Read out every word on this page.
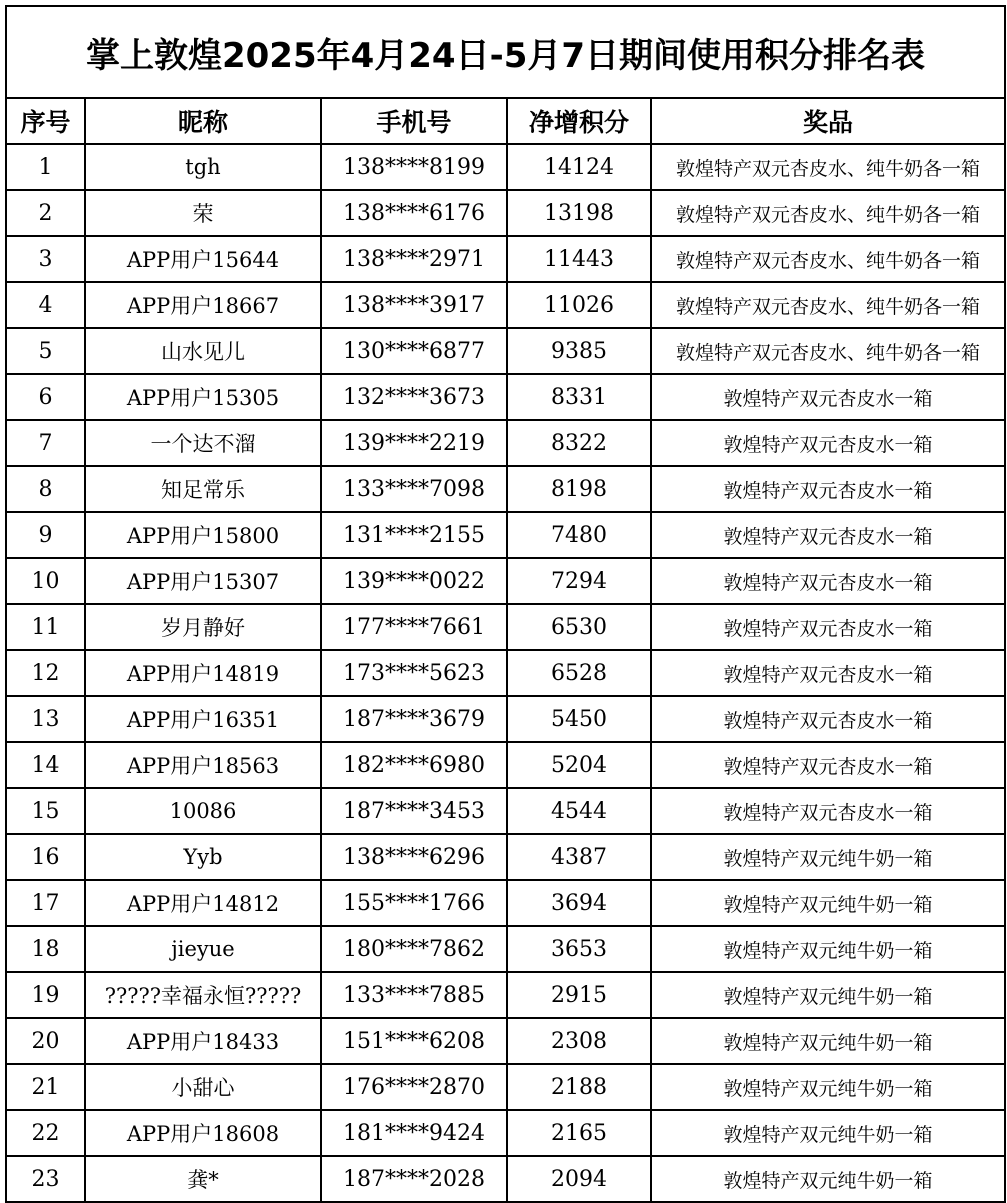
掌上敦煌2025年4月24日-5月7日期间使用积分排名表				
序号	昵称	手机号	净增积分	奖品
1	tgh	138****8199	14124	敦煌特产双元杏皮水、纯牛奶各一箱
2	荣	138****6176	13198	敦煌特产双元杏皮水、纯牛奶各一箱
3	APP用户15644	138****2971	11443	敦煌特产双元杏皮水、纯牛奶各一箱
4	APP用户18667	138****3917	11026	敦煌特产双元杏皮水、纯牛奶各一箱
5	山水见儿	130****6877	9385	敦煌特产双元杏皮水、纯牛奶各一箱
6	APP用户15305	132****3673	8331	敦煌特产双元杏皮水一箱
7	一个达不溜	139****2219	8322	敦煌特产双元杏皮水一箱
8	知足常乐	133****7098	8198	敦煌特产双元杏皮水一箱
9	APP用户15800	131****2155	7480	敦煌特产双元杏皮水一箱
10	APP用户15307	139****0022	7294	敦煌特产双元杏皮水一箱
11	岁月静好	177****7661	6530	敦煌特产双元杏皮水一箱
12	APP用户14819	173****5623	6528	敦煌特产双元杏皮水一箱
13	APP用户16351	187****3679	5450	敦煌特产双元杏皮水一箱
14	APP用户18563	182****6980	5204	敦煌特产双元杏皮水一箱
15	10086	187****3453	4544	敦煌特产双元杏皮水一箱
16	Yyb	138****6296	4387	敦煌特产双元纯牛奶一箱
17	APP用户14812	155****1766	3694	敦煌特产双元纯牛奶一箱
18	jieyue	180****7862	3653	敦煌特产双元纯牛奶一箱
19	?????幸福永恒?????	133****7885	2915	敦煌特产双元纯牛奶一箱
20	APP用户18433	151****6208	2308	敦煌特产双元纯牛奶一箱
21	小甜心	176****2870	2188	敦煌特产双元纯牛奶一箱
22	APP用户18608	181****9424	2165	敦煌特产双元纯牛奶一箱
23	龚*	187****2028	2094	敦煌特产双元纯牛奶一箱
